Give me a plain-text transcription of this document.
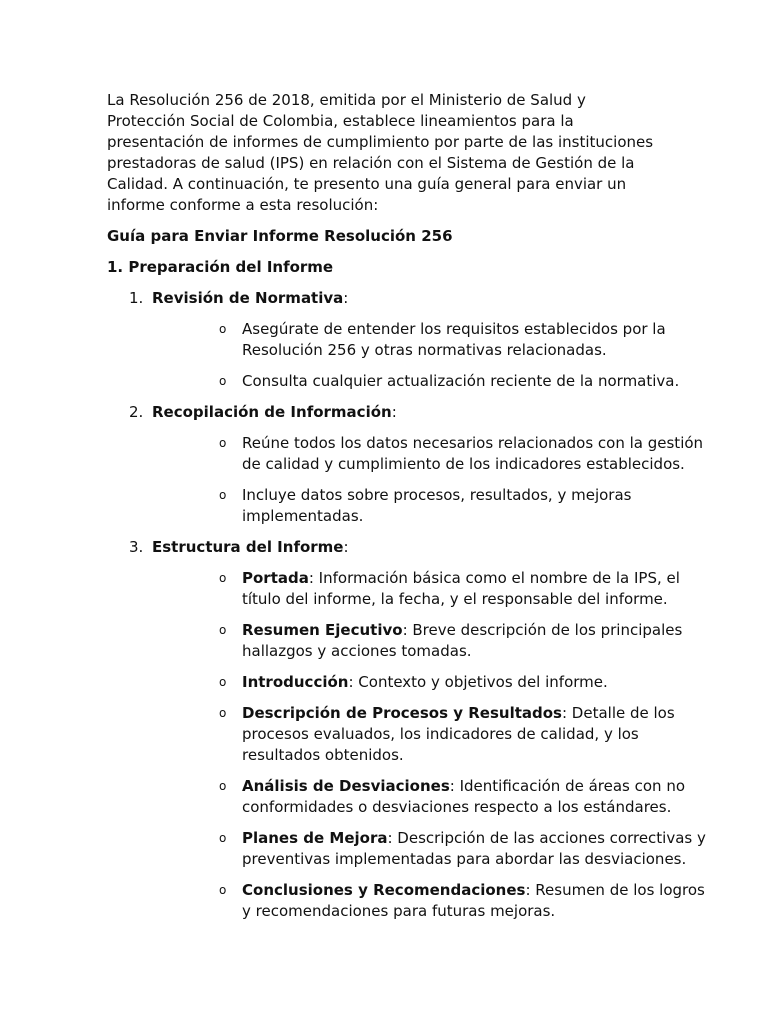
La Resolución 256 de 2018, emitida por el Ministerio de Salud y Protección Social de Colombia, establece lineamientos para la presentación de informes de cumplimiento por parte de las instituciones prestadoras de salud (IPS) en relación con el Sistema de Gestión de la Calidad. A continuación, te presento una guía general para enviar un informe conforme a esta resolución:

Guía para Enviar Informe Resolución 256

1. Preparación del Informe

1. Revisión de Normativa:
o Asegúrate de entender los requisitos establecidos por la Resolución 256 y otras normativas relacionadas.
o Consulta cualquier actualización reciente de la normativa.
2. Recopilación de Información:
o Reúne todos los datos necesarios relacionados con la gestión de calidad y cumplimiento de los indicadores establecidos.
o Incluye datos sobre procesos, resultados, y mejoras implementadas.
3. Estructura del Informe:
o Portada: Información básica como el nombre de la IPS, el título del informe, la fecha, y el responsable del informe.
o Resumen Ejecutivo: Breve descripción de los principales hallazgos y acciones tomadas.
o Introducción: Contexto y objetivos del informe.
o Descripción de Procesos y Resultados: Detalle de los procesos evaluados, los indicadores de calidad, y los resultados obtenidos.
o Análisis de Desviaciones: Identificación de áreas con no conformidades o desviaciones respecto a los estándares.
o Planes de Mejora: Descripción de las acciones correctivas y preventivas implementadas para abordar las desviaciones.
o Conclusiones y Recomendaciones: Resumen de los logros y recomendaciones para futuras mejoras.
